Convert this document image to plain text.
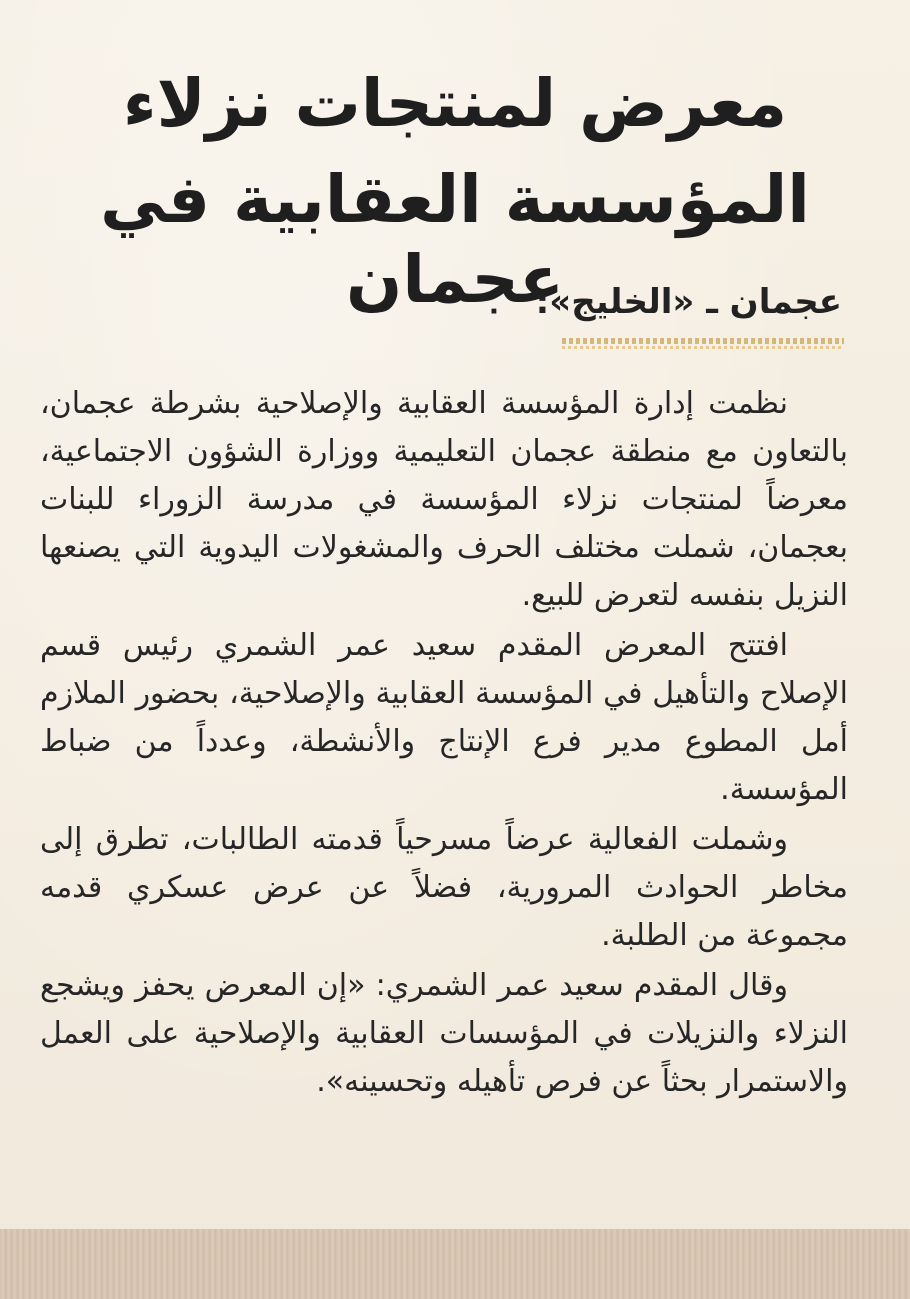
معرض لمنتجات نزلاء
المؤسسة العقابية في عجمان
عجمان ـ «الخليج»:

نظمت إدارة المؤسسة العقابية والإصلاحية بشرطة عجمان، بالتعاون مع منطقة عجمان التعليمية ووزارة الشؤون الاجتماعية، معرضاً لمنتجات نزلاء المؤسسة في مدرسة الزوراء للبنات بعجمان، شملت مختلف الحرف والمشغولات اليدوية التي يصنعها النزيل بنفسه لتعرض للبيع.

افتتح المعرض المقدم سعيد عمر الشمري رئيس قسم الإصلاح والتأهيل في المؤسسة العقابية والإصلاحية، بحضور الملازم أمل المطوع مدير فرع الإنتاج والأنشطة، وعدداً من ضباط المؤسسة.

وشملت الفعالية عرضاً مسرحياً قدمته الطالبات، تطرق إلى مخاطر الحوادث المرورية، فضلاً عن عرض عسكري قدمه مجموعة من الطلبة.

وقال المقدم سعيد عمر الشمري: «إن المعرض يحفز ويشجع النزلاء والنزيلات في المؤسسات العقابية والإصلاحية على العمل والاستمرار بحثاً عن فرص تأهيله وتحسينه».
